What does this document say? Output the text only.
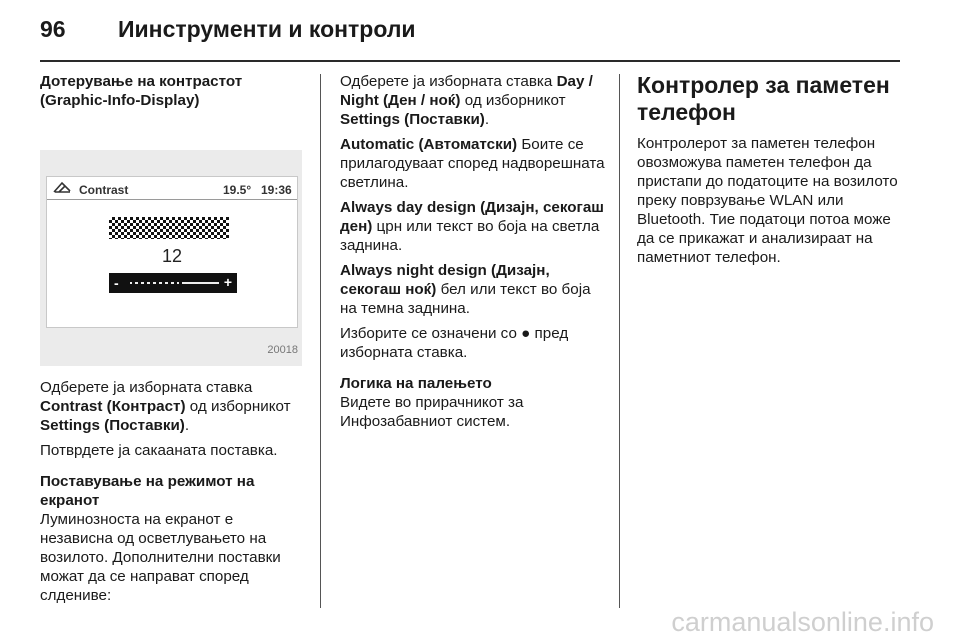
96 Иинструменти и контроли

Дотерување на контрастот (Graphic-Info-Display)

Contrast	19.5° 19:36
12
-	+
20018

Одберете ја изборната ставка Contrast (Контраст) од изборникот Settings (Поставки).

Потврдете ја сакаaната поставка.

Поставување на режимот на екранот

Луминозноста на екранот е независна од осветлувањето на возилото. Дополнителни поставки можат да се направат според слдениве:

Одберете ја изборната ставка Day / Night (Ден / ноќ) од изборникот Settings (Поставки).

Automatic (Автоматски) Боите се прилагодуваат според надворешната светлина.

Always day design (Дизајн, секогаш ден) црн или текст во боја на светла заднина.

Always night design (Дизајн, секогаш ноќ) бел или текст во боја на темна заднина.

Изборите се означени со ● пред изборната ставка.

Логика на палењето

Видете во прирачникот за Инфозабавниот систем.

Контролер за паметен телефон

Контролерот за паметен телефон овозможува паметен телефон да пристапи до податоците на возилото преку поврзување WLAN или Bluetooth. Тие податоци потоа може да се прикажат и анализираат на паметниот телефон.

carmanualsonline.info
